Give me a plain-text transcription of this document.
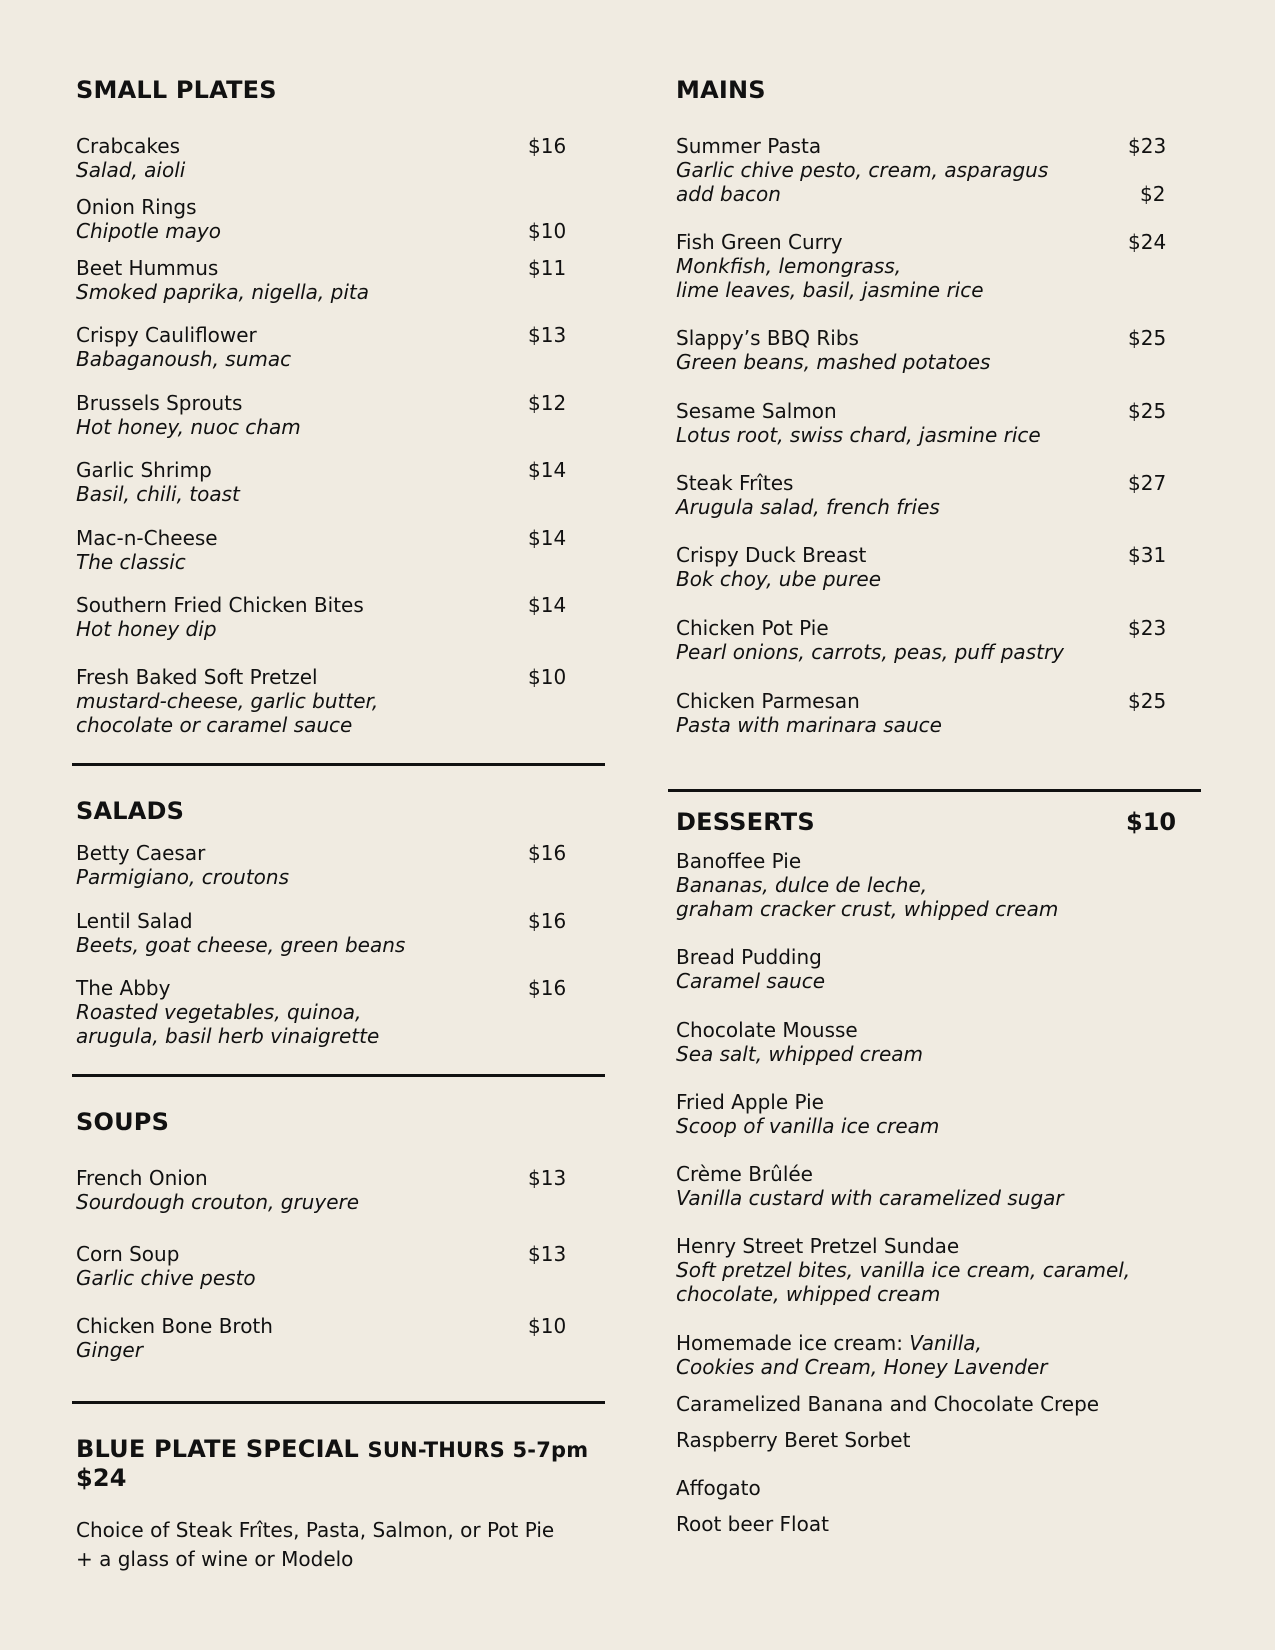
SMALL PLATES
Crabcakes
Salad, aioli
$16
Onion Rings
Chipotle mayo	$10
Beet Hummus
Smoked paprika, nigella, pita
$11
Crispy Cauliflower
Babaganoush, sumac
$13
Brussels Sprouts
Hot honey, nuoc cham
$12
Garlic Shrimp
Basil, chili, toast
$14
Mac-n-Cheese
The classic
$14
Southern Fried Chicken Bites
Hot honey dip
$14
Fresh Baked Soft Pretzel
mustard-cheese, garlic butter,
chocolate or caramel sauce
$10
SALADS
Betty Caesar
Parmigiano, croutons
$16
Lentil Salad
Beets, goat cheese, green beans
$16
The Abby
Roasted vegetables, quinoa,
arugula, basil herb vinaigrette
$16
SOUPS
French Onion
Sourdough crouton, gruyere
$13
Corn Soup
Garlic chive pesto
$13
Chicken Bone Broth
Ginger
$10
BLUE PLATE SPECIAL SUN-THURS 5-7pm
$24
Choice of Steak Frîtes, Pasta, Salmon, or Pot Pie
+ a glass of wine or Modelo
MAINS
Summer Pasta
Garlic chive pesto, cream, asparagus
add bacon
$23
$2
Fish Green Curry
Monkfish, lemongrass,
lime leaves, basil, jasmine rice
$24
Slappy’s BBQ Ribs
Green beans, mashed potatoes
$25
Sesame Salmon
Lotus root, swiss chard, jasmine rice
$25
Steak Frîtes
Arugula salad, french fries
$27
Crispy Duck Breast
Bok choy, ube puree
$31
Chicken Pot Pie
Pearl onions, carrots, peas, puff pastry
$23
Chicken Parmesan
Pasta with marinara sauce
$25
DESSERTS	$10
Banoffee Pie
Bananas, dulce de leche,
graham cracker crust, whipped cream
Bread Pudding
Caramel sauce
Chocolate Mousse
Sea salt, whipped cream
Fried Apple Pie
Scoop of vanilla ice cream
Crème Brûlée
Vanilla custard with caramelized sugar
Henry Street Pretzel Sundae
Soft pretzel bites, vanilla ice cream, caramel,
chocolate, whipped cream
Homemade ice cream: Vanilla,
Cookies and Cream, Honey Lavender
Caramelized Banana and Chocolate Crepe
Raspberry Beret Sorbet
Affogato
Root beer Float
